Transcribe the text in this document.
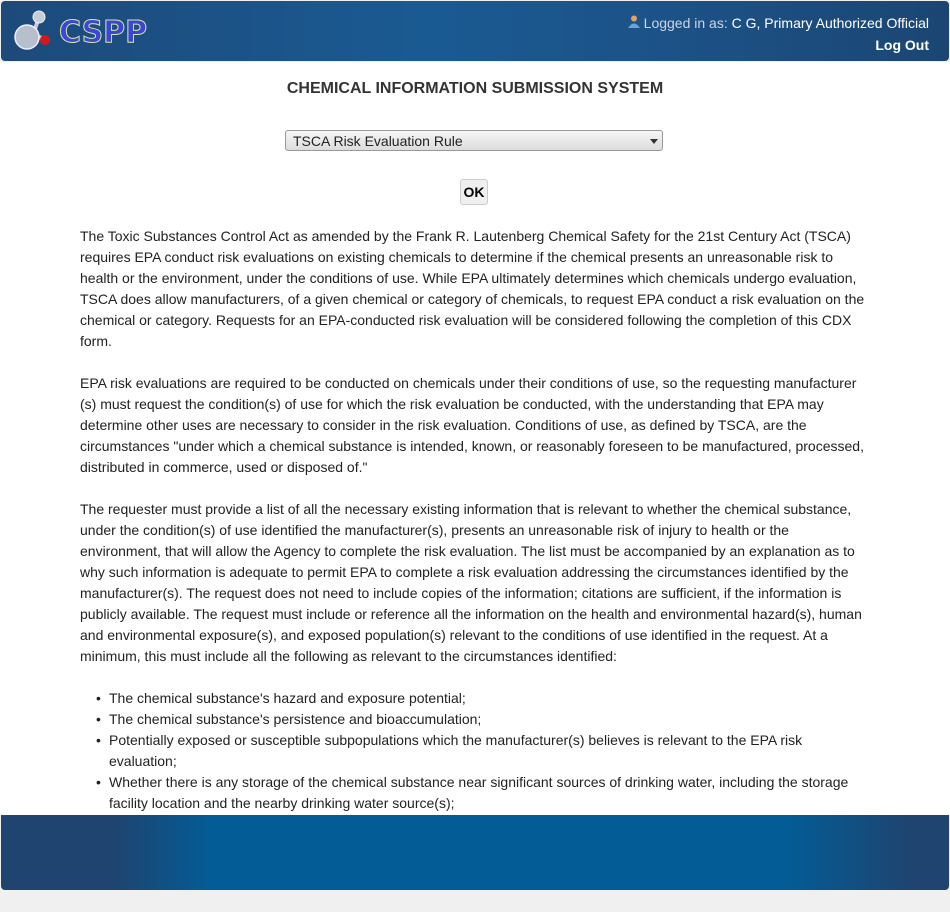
CSPP	Logged in as: C G, Primary Authorized Official
Log Out
CHEMICAL INFORMATION SUBMISSION SYSTEM
TSCA Risk Evaluation Rule
OK

The Toxic Substances Control Act as amended by the Frank R. Lautenberg Chemical Safety for the 21st Century Act (TSCA) requires EPA conduct risk evaluations on existing chemicals to determine if the chemical presents an unreasonable risk to health or the environment, under the conditions of use. While EPA ultimately determines which chemicals undergo evaluation, TSCA does allow manufacturers, of a given chemical or category of chemicals, to request EPA conduct a risk evaluation on the chemical or category. Requests for an EPA-conducted risk evaluation will be considered following the completion of this CDX form.

EPA risk evaluations are required to be conducted on chemicals under their conditions of use, so the requesting manufacturer (s) must request the condition(s) of use for which the risk evaluation be conducted, with the understanding that EPA may determine other uses are necessary to consider in the risk evaluation. Conditions of use, as defined by TSCA, are the circumstances "under which a chemical substance is intended, known, or reasonably foreseen to be manufactured, processed, distributed in commerce, used or disposed of."

The requester must provide a list of all the necessary existing information that is relevant to whether the chemical substance, under the condition(s) of use identified the manufacturer(s), presents an unreasonable risk of injury to health or the environment, that will allow the Agency to complete the risk evaluation. The list must be accompanied by an explanation as to why such information is adequate to permit EPA to complete a risk evaluation addressing the circumstances identified by the manufacturer(s). The request does not need to include copies of the information; citations are sufficient, if the information is publicly available. The request must include or reference all the information on the health and environmental hazard(s), human and environmental exposure(s), and exposed population(s) relevant to the conditions of use identified in the request. At a minimum, this must include all the following as relevant to the circumstances identified:

• The chemical substance's hazard and exposure potential;
• The chemical substance's persistence and bioaccumulation;
• Potentially exposed or susceptible subpopulations which the manufacturer(s) believes is relevant to the EPA risk evaluation;
• Whether there is any storage of the chemical substance near significant sources of drinking water, including the storage facility location and the nearby drinking water source(s);
